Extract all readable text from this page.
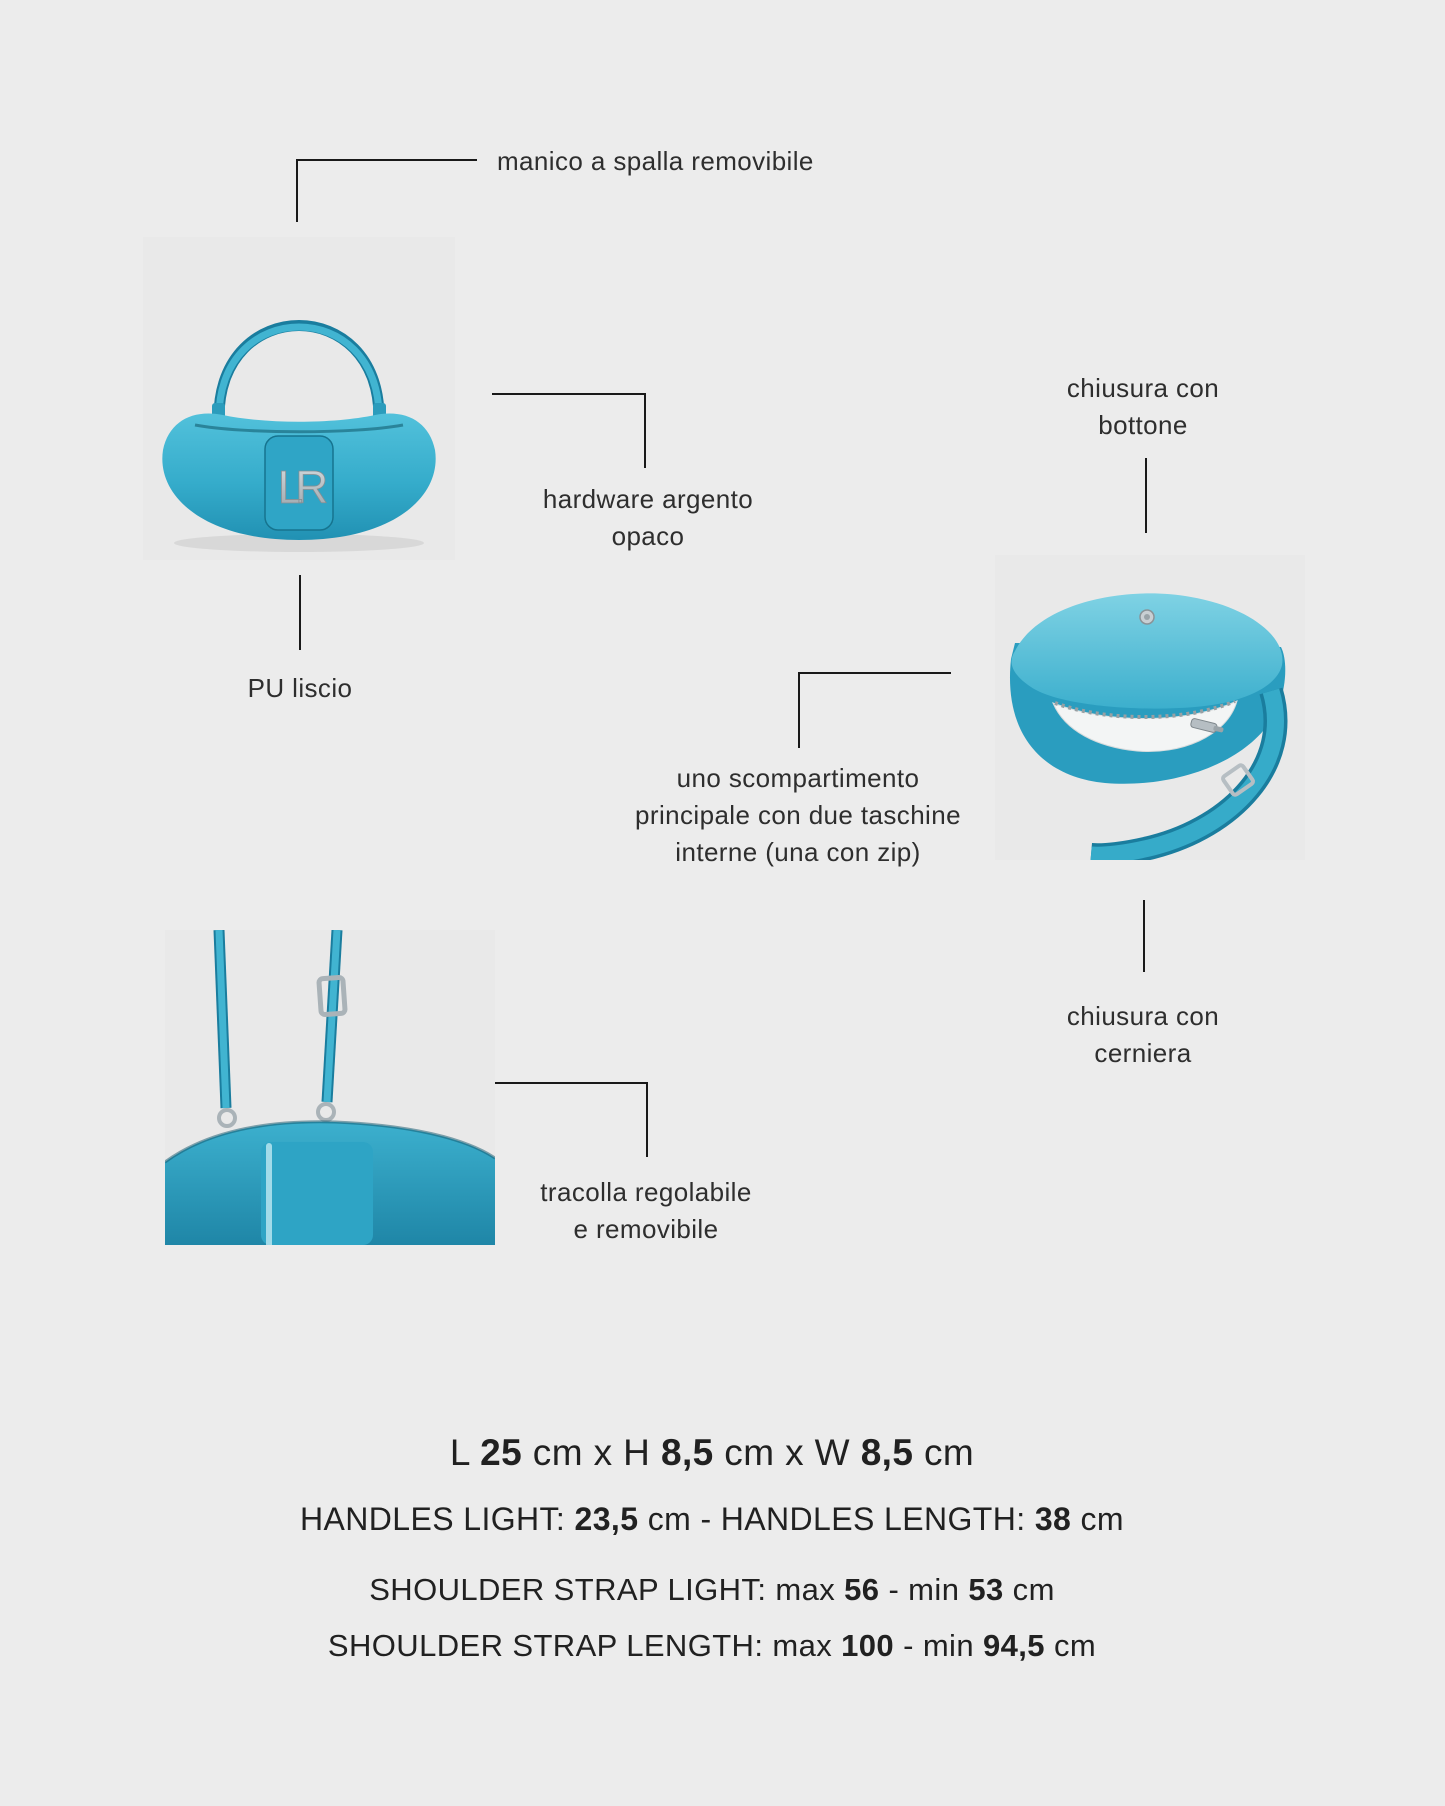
LR
manico a spalla removibile
hardware argento
opaco
PU liscio
chiusura con
bottone
uno scompartimento
principale con due taschine
interne (una con zip)
chiusura con
cerniera
tracolla regolabile
e removibile
L 25 cm x H 8,5 cm x W 8,5 cm
HANDLES LIGHT: 23,5 cm - HANDLES LENGTH: 38 cm
SHOULDER STRAP LIGHT: max 56 - min 53 cm
SHOULDER STRAP LENGTH: max 100 - min 94,5 cm
